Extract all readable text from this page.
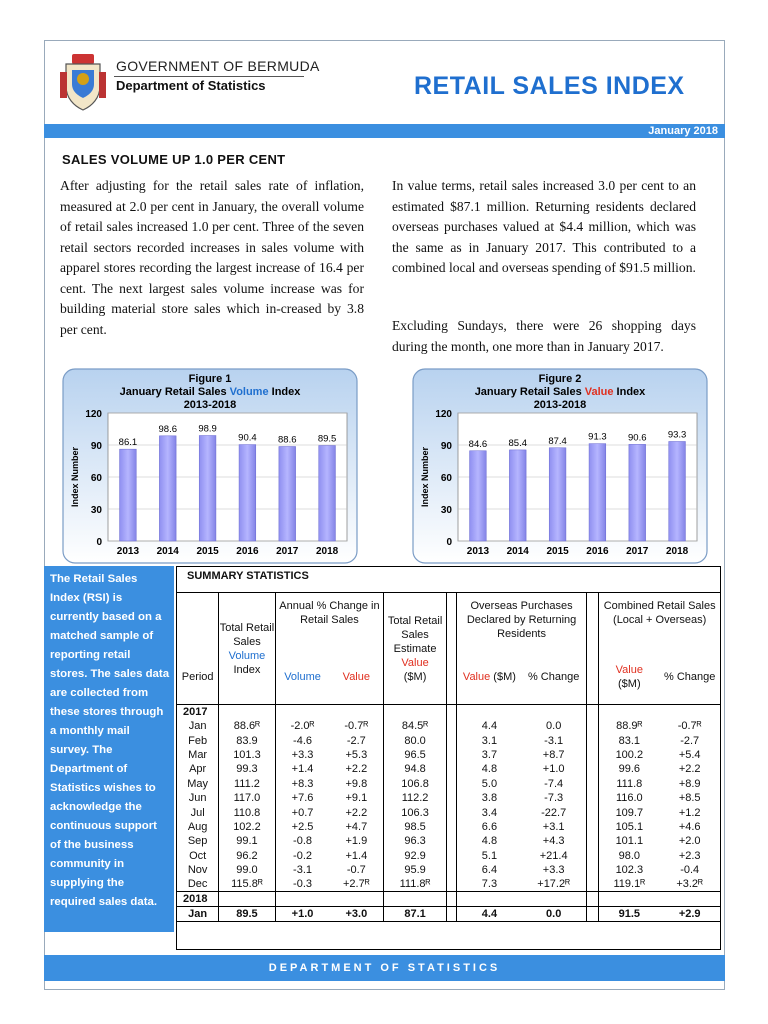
GOVERNMENT OF BERMUDA
Department of Statistics	RETAIL SALES INDEX
January 2018
SALES VOLUME UP 1.0 PER CENT
After adjusting for the retail sales rate of inflation, measured at 2.0 per cent in January, the overall volume of retail sales increased 1.0 per cent. Three of the seven retail sectors recorded increases in sales volume with apparel stores recording the largest increase of 16.4 per cent. The next largest sales volume increase was for building material store sales which in-creased by 3.8 per cent.
In value terms, retail sales increased 3.0 per cent to an estimated $87.1 million. Returning residents declared overseas purchases valued at $4.4 million, which was the same as in January 2017. This contributed to a combined local and overseas spending of $91.5 million.
Excluding Sundays, there were 26 shopping days during the month, one more than in January 2017.
Figure 1
January Retail Sales Volume Index
2013-2018
0
30
60
90
120
Index Number
86.1
2013
98.6
2014
98.9
2015
90.4
2016
88.6
2017
89.5
2018
Figure 2
January Retail Sales Value Index
2013-2018
0
30
60
90
120
Index Number
84.6
2013
85.4
2014
87.4
2015
91.3
2016
90.6
2017
93.3
2018
The Retail Sales Index (RSI) is currently based on a matched sample of reporting retail stores. The sales data are collected from these stores through a monthly mail survey. The Department of Statistics wishes to acknowledge the continuous support of the business community in supplying the required sales data.
SUMMARY STATISTICS
	Total Retail Sales
Volume
Index	Annual % Change in Retail Sales		Total Retail Sales Estimate
Value
($M)		Overseas Purchases Declared by Returning Residents			Combined Retail Sales (Local + Overseas)	
Period		Volume	Value			Value ($M)	% Change		Value
($M)	% Change
2017										
Jan	88.6ᴿ	-2.0ᴿ	-0.7ᴿ	84.5ᴿ		4.4	0.0		88.9ᴿ	-0.7ᴿ
Feb	83.9	-4.6	-2.7	80.0		3.1	-3.1		83.1	-2.7
Mar	101.3	+3.3	+5.3	96.5		3.7	+8.7		100.2	+5.4
Apr	99.3	+1.4	+2.2	94.8		4.8	+1.0		99.6	+2.2
May	111.2	+8.3	+9.8	106.8		5.0	-7.4		111.8	+8.9
Jun	117.0	+7.6	+9.1	112.2		3.8	-7.3		116.0	+8.5
Jul	110.8	+0.7	+2.2	106.3		3.4	-22.7		109.7	+1.2
Aug	102.2	+2.5	+4.7	98.5		6.6	+3.1		105.1	+4.6
Sep	99.1	-0.8	+1.9	96.3		4.8	+4.3		101.1	+2.0
Oct	96.2	-0.2	+1.4	92.9		5.1	+21.4		98.0	+2.3
Nov	99.0	-3.1	-0.7	95.9		6.4	+3.3		102.3	-0.4
Dec	115.8ᴿ	-0.3	+2.7ᴿ	111.8ᴿ		7.3	+17.2ᴿ		119.1ᴿ	+3.2ᴿ
2018										
Jan	89.5	+1.0	+3.0	87.1		4.4	0.0		91.5	+2.9
DEPARTMENT OF STATISTICS
